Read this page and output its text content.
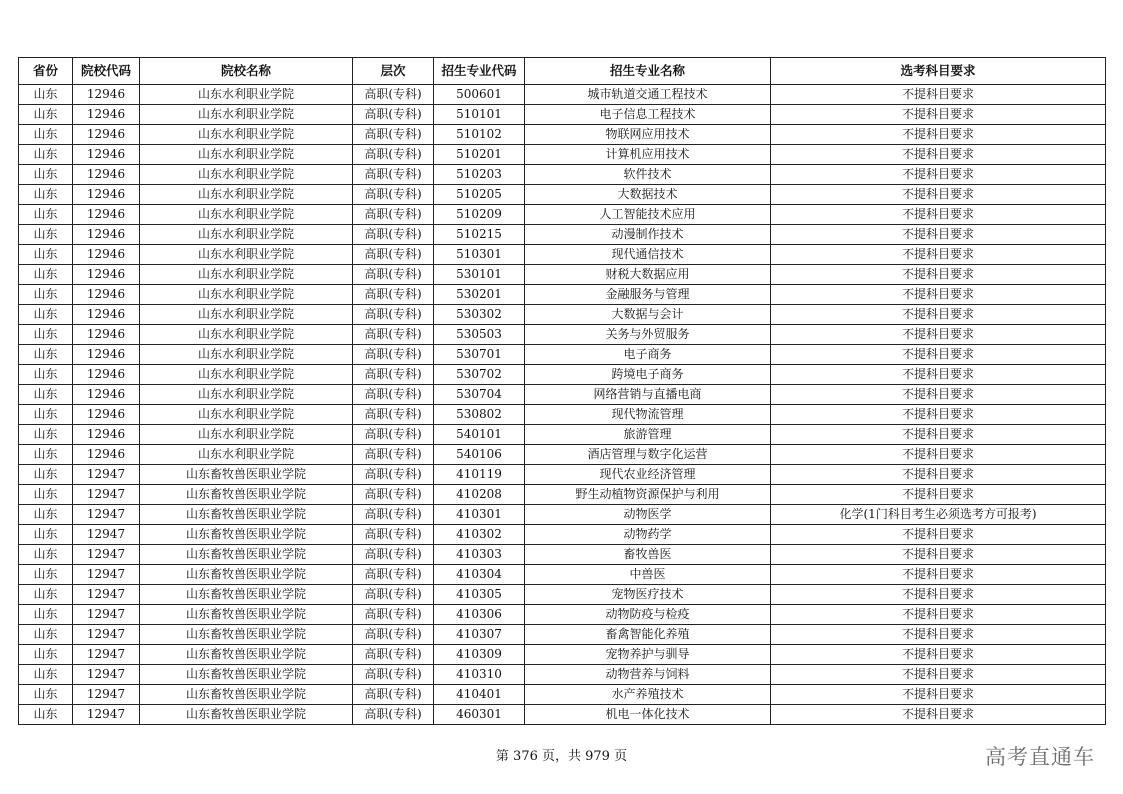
省份	院校代码	院校名称	层次	招生专业代码	招生专业名称	选考科目要求
山东	12946	山东水利职业学院	高职(专科)	500601	城市轨道交通工程技术	不提科目要求
山东	12946	山东水利职业学院	高职(专科)	510101	电子信息工程技术	不提科目要求
山东	12946	山东水利职业学院	高职(专科)	510102	物联网应用技术	不提科目要求
山东	12946	山东水利职业学院	高职(专科)	510201	计算机应用技术	不提科目要求
山东	12946	山东水利职业学院	高职(专科)	510203	软件技术	不提科目要求
山东	12946	山东水利职业学院	高职(专科)	510205	大数据技术	不提科目要求
山东	12946	山东水利职业学院	高职(专科)	510209	人工智能技术应用	不提科目要求
山东	12946	山东水利职业学院	高职(专科)	510215	动漫制作技术	不提科目要求
山东	12946	山东水利职业学院	高职(专科)	510301	现代通信技术	不提科目要求
山东	12946	山东水利职业学院	高职(专科)	530101	财税大数据应用	不提科目要求
山东	12946	山东水利职业学院	高职(专科)	530201	金融服务与管理	不提科目要求
山东	12946	山东水利职业学院	高职(专科)	530302	大数据与会计	不提科目要求
山东	12946	山东水利职业学院	高职(专科)	530503	关务与外贸服务	不提科目要求
山东	12946	山东水利职业学院	高职(专科)	530701	电子商务	不提科目要求
山东	12946	山东水利职业学院	高职(专科)	530702	跨境电子商务	不提科目要求
山东	12946	山东水利职业学院	高职(专科)	530704	网络营销与直播电商	不提科目要求
山东	12946	山东水利职业学院	高职(专科)	530802	现代物流管理	不提科目要求
山东	12946	山东水利职业学院	高职(专科)	540101	旅游管理	不提科目要求
山东	12946	山东水利职业学院	高职(专科)	540106	酒店管理与数字化运营	不提科目要求
山东	12947	山东畜牧兽医职业学院	高职(专科)	410119	现代农业经济管理	不提科目要求
山东	12947	山东畜牧兽医职业学院	高职(专科)	410208	野生动植物资源保护与利用	不提科目要求
山东	12947	山东畜牧兽医职业学院	高职(专科)	410301	动物医学	化学(1门科目考生必须选考方可报考)
山东	12947	山东畜牧兽医职业学院	高职(专科)	410302	动物药学	不提科目要求
山东	12947	山东畜牧兽医职业学院	高职(专科)	410303	畜牧兽医	不提科目要求
山东	12947	山东畜牧兽医职业学院	高职(专科)	410304	中兽医	不提科目要求
山东	12947	山东畜牧兽医职业学院	高职(专科)	410305	宠物医疗技术	不提科目要求
山东	12947	山东畜牧兽医职业学院	高职(专科)	410306	动物防疫与检疫	不提科目要求
山东	12947	山东畜牧兽医职业学院	高职(专科)	410307	畜禽智能化养殖	不提科目要求
山东	12947	山东畜牧兽医职业学院	高职(专科)	410309	宠物养护与驯导	不提科目要求
山东	12947	山东畜牧兽医职业学院	高职(专科)	410310	动物营养与饲料	不提科目要求
山东	12947	山东畜牧兽医职业学院	高职(专科)	410401	水产养殖技术	不提科目要求
山东	12947	山东畜牧兽医职业学院	高职(专科)	460301	机电一体化技术	不提科目要求
第 376 页，共 979 页	高考直通车
